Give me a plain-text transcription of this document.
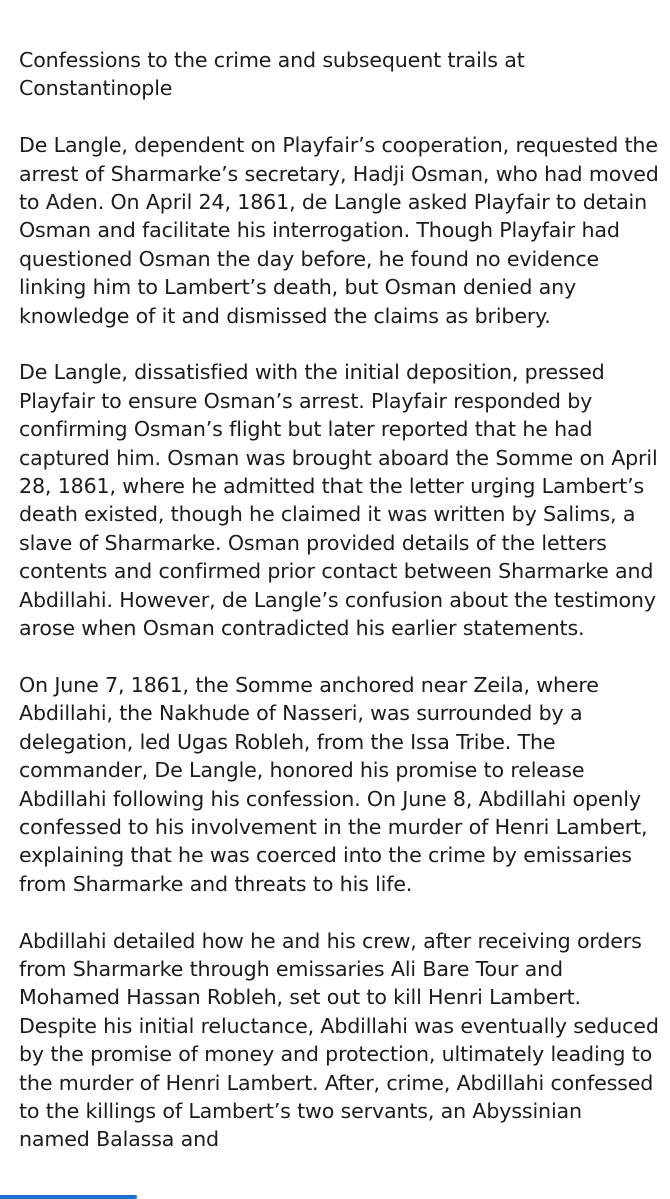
Confessions to the crime and subsequent trails at Constantinople

De Langle, dependent on Playfair’s cooperation, requested the arrest of Sharmarke’s secretary, Hadji Osman, who had moved to Aden. On April 24, 1861, de Langle asked Playfair to detain Osman and facilitate his interrogation. Though Playfair had questioned Osman the day before, he found no evidence linking him to Lambert’s death, but Osman denied any knowledge of it and dismissed the claims as bribery.

De Langle, dissatisfied with the initial deposition, pressed Playfair to ensure Osman’s arrest. Playfair responded by confirming Osman’s flight but later reported that he had captured him. Osman was brought aboard the Somme on April 28, 1861, where he admitted that the letter urging Lambert’s death existed, though he claimed it was written by Salims, a slave of Sharmarke. Osman provided details of the letters contents and confirmed prior contact between Sharmarke and Abdillahi. However, de Langle’s confusion about the testimony arose when Osman contradicted his earlier statements.

On June 7, 1861, the Somme anchored near Zeila, where Abdillahi, the Nakhude of Nasseri, was surrounded by a delegation, led Ugas Robleh, from the Issa Tribe. The commander, De Langle, honored his promise to release Abdillahi following his confession. On June 8, Abdillahi openly confessed to his involvement in the murder of Henri Lambert, explaining that he was coerced into the crime by emissaries from Sharmarke and threats to his life.

Abdillahi detailed how he and his crew, after receiving orders from Sharmarke through emissaries Ali Bare Tour and Mohamed Hassan Robleh, set out to kill Henri Lambert. Despite his initial reluctance, Abdillahi was eventually seduced by the promise of money and protection, ultimately leading to the murder of Henri Lambert. After, crime, Abdillahi confessed to the killings of Lambert’s two servants, an Abyssinian named Balassa and
